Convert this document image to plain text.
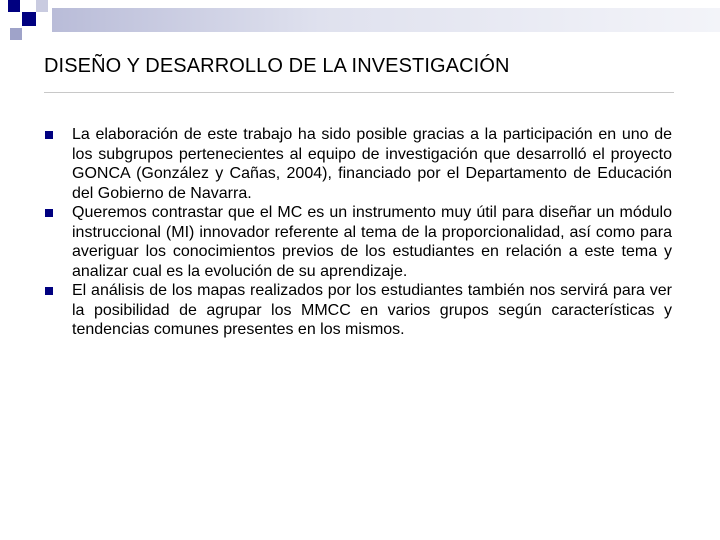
DISEÑO Y DESARROLLO DE LA INVESTIGACIÓN
La elaboración de este trabajo ha sido posible gracias a la participación en uno de los subgrupos pertenecientes al equipo de investigación que desarrolló el proyecto GONCA (González y Cañas, 2004), financiado por el Departamento de Educación del Gobierno de Navarra.
Queremos contrastar que el MC es un instrumento muy útil para diseñar un módulo instruccional (MI) innovador referente al tema de la proporcionalidad, así como para averiguar los conocimientos previos de los estudiantes en relación a este tema y analizar cual es la evolución de su aprendizaje.
El análisis de los mapas realizados por los estudiantes también nos servirá para ver la posibilidad de agrupar los MMCC en varios grupos según características y tendencias comunes presentes en los mismos.
